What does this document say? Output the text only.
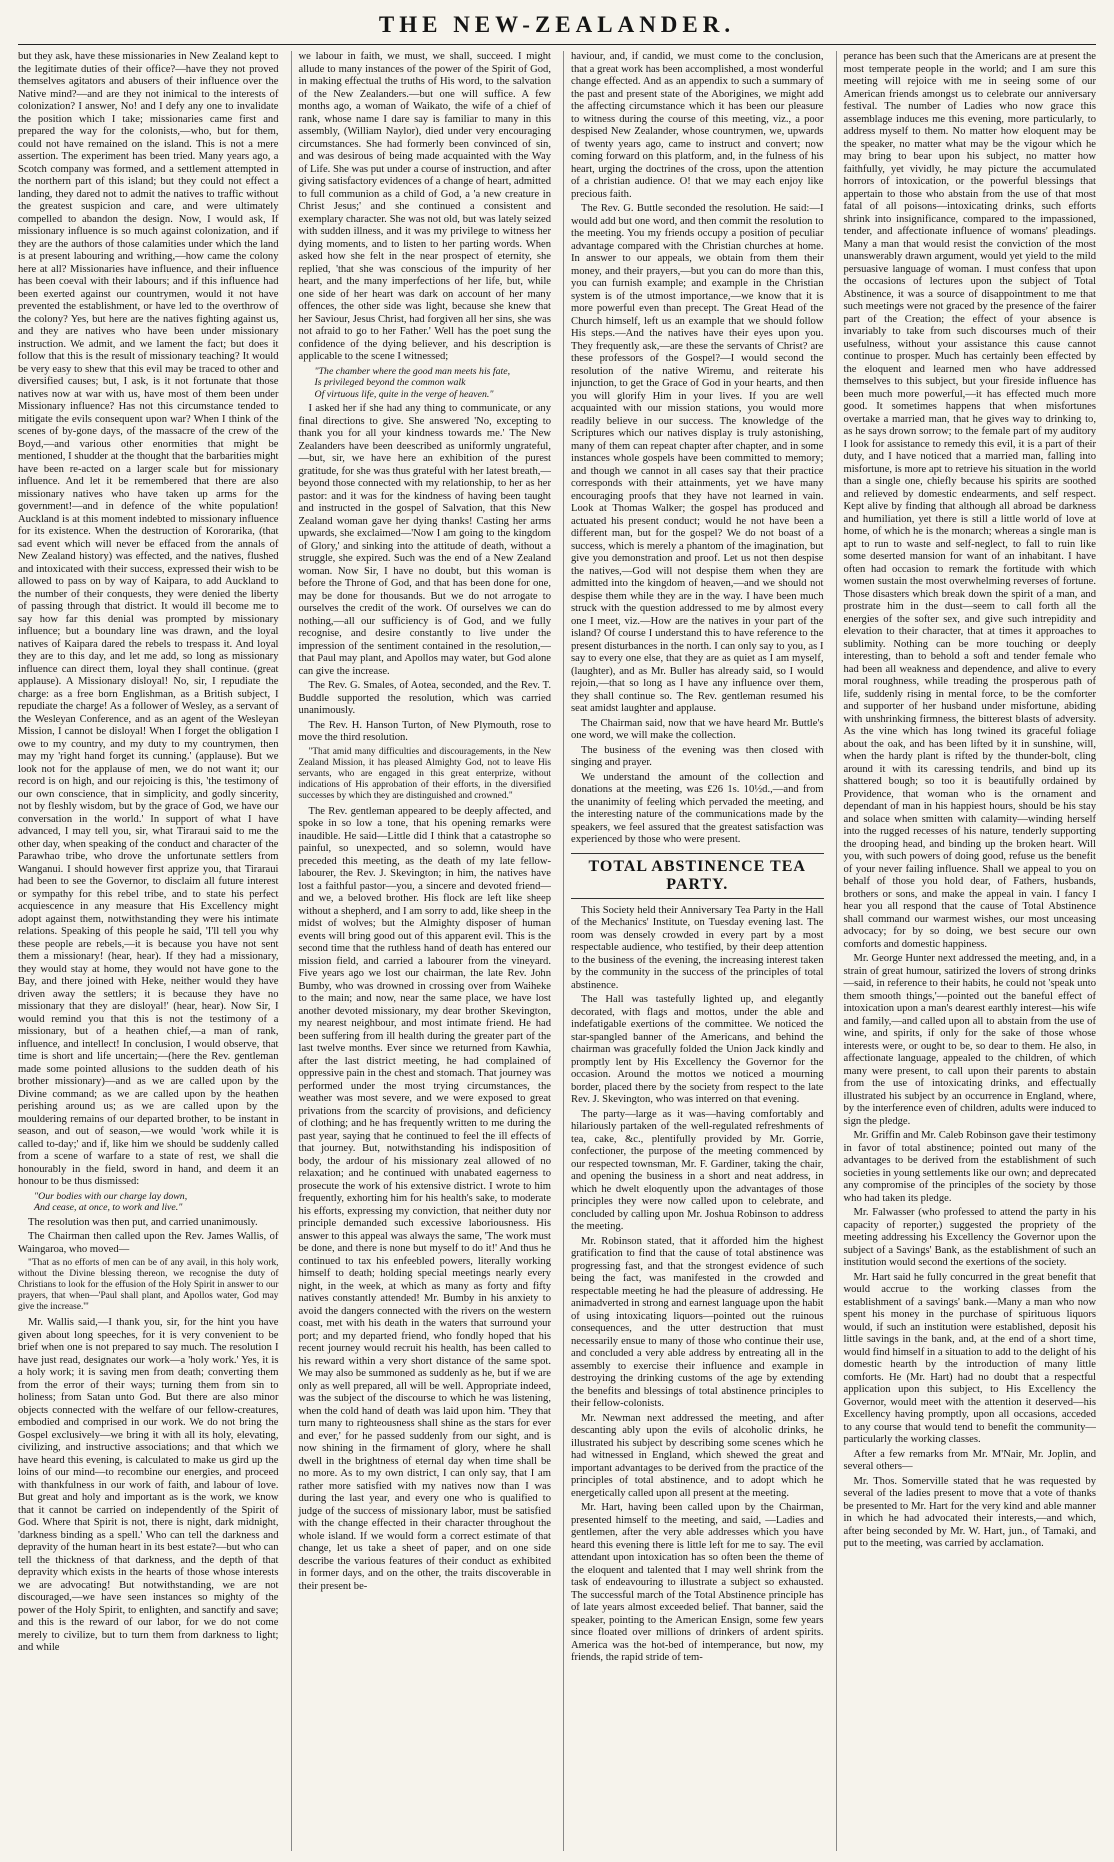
THE NEW-ZEALANDER.

but they ask, have these missionaries in New Zealand kept to the legitimate duties of their office?—have they not proved themselves agitators and abusers of their influence over the Native mind?—and are they not inimical to the interests of colonization? I answer, No! and I defy any one to invalidate the position which I take; missionaries came first and prepared the way for the colonists,—who, but for them, could not have remained on the island. This is not a mere assertion. The experiment has been tried. Many years ago, a Scotch company was formed, and a settlement attempted in the northern part of this island; but they could not effect a landing, they dared not to admit the natives to traffic without the greatest suspicion and care, and were ultimately compelled to abandon the design. Now, I would ask, If missionary influence is so much against colonization, and if they are the authors of those calamities under which the land is at present labouring and writhing,—how came the colony here at all? Missionaries have influence, and their influence has been coeval with their labours; and if this influence had been exerted against our countrymen, would it not have prevented the establishment, or have led to the overthrow of the colony? Yes, but here are the natives fighting against us, and they are natives who have been under missionary instruction. We admit, and we lament the fact; but does it follow that this is the result of missionary teaching? It would be very easy to shew that this evil may be traced to other and diversified causes; but, I ask, is it not fortunate that those natives now at war with us, have most of them been under Missionary influence? Has not this circumstance tended to mitigate the evils consequent upon war? When I think of the scenes of by-gone days, of the massacre of the crew of the Boyd,—and various other enormities that might be mentioned, I shudder at the thought that the barbarities might have been re-acted on a larger scale but for missionary influence. And let it be remembered that there are also missionary natives who have taken up arms for the government!—and in defence of the white population! Auckland is at this moment indebted to missionary influence for its existence. When the destruction of Kororarika, (that sad event which will never be effaced from the annals of New Zealand history) was effected, and the natives, flushed and intoxicated with their success, expressed their wish to be allowed to pass on by way of Kaipara, to add Auckland to the number of their conquests, they were denied the liberty of passing through that district. It would ill become me to say how far this denial was prompted by missionary influence; but a boundary line was drawn, and the loyal natives of Kaipara dared the rebels to trespass it. And loyal they are to this day, and let me add, so long as missionary influence can direct them, loyal they shall continue. (great applause). A Missionary disloyal! No, sir, I repudiate the charge: as a free born Englishman, as a British subject, I repudiate the charge! As a follower of Wesley, as a servant of the Wesleyan Conference, and as an agent of the Wesleyan Mission, I cannot be disloyal! When I forget the obligation I owe to my country, and my duty to my countrymen, then may my 'right hand forget its cunning.' (applause). But we look not for the applause of men, we do not want it; our record is on high, and our rejoicing is this, 'the testimony of our own conscience, that in simplicity, and godly sincerity, not by fleshly wisdom, but by the grace of God, we have our conversation in the world.' In support of what I have advanced, I may tell you, sir, what Tiraraui said to me the other day, when speaking of the conduct and character of the Parawhao tribe, who drove the unfortunate settlers from Wanganui. I should however first apprize you, that Tiraraui had been to see the Governor, to disclaim all future interest or sympathy for this rebel tribe, and to state his perfect acquiescence in any measure that His Excellency might adopt against them, notwithstanding they were his intimate relations. Speaking of this people he said, 'I'll tell you why these people are rebels,—it is because you have not sent them a missionary! (hear, hear). If they had a missionary, they would stay at home, they would not have gone to the Bay, and there joined with Heke, neither would they have driven away the settlers; it is because they have no missionary that they are disloyal!' (hear, hear). Now Sir, I would remind you that this is not the testimony of a missionary, but of a heathen chief,—a man of rank, influence, and intellect! In conclusion, I would observe, that time is short and life uncertain;—(here the Rev. gentleman made some pointed allusions to the sudden death of his brother missionary)—and as we are called upon by the Divine command; as we are called upon by the heathen perishing around us; as we are called upon by the mouldering remains of our departed brother, to be instant in season, and out of season,—we would 'work while it is called to-day;' and if, like him we should be suddenly called from a scene of warfare to a state of rest, we shall die honourably in the field, sword in hand, and deem it an honour to be thus dismissed:

"Our bodies with our charge lay down,
And cease, at once, to work and live."

The resolution was then put, and carried unanimously.

The Chairman then called upon the Rev. James Wallis, of Waingaroa, who moved—

"That as no efforts of men can be of any avail, in this holy work, without the Divine blessing thereon, we recognise the duty of Christians to look for the effusion of the Holy Spirit in answer to our prayers, that when—'Paul shall plant, and Apollos water, God may give the increase.'"

Mr. Wallis said,—I thank you, sir, for the hint you have given about long speeches, for it is very convenient to be brief when one is not prepared to say much. The resolution I have just read, designates our work—a 'holy work.' Yes, it is a holy work; it is saving men from death; converting them from the error of their ways; turning them from sin to holiness; from Satan unto God. But there are also minor objects connected with the welfare of our fellow-creatures, embodied and comprised in our work. We do not bring the Gospel exclusively—we bring it with all its holy, elevating, civilizing, and instructive associations; and that which we have heard this evening, is calculated to make us gird up the loins of our mind—to recombine our energies, and proceed with thankfulness in our work of faith, and labour of love. But great and holy and important as is the work, we know that it cannot be carried on independently of the Spirit of God. Where that Spirit is not, there is night, dark midnight, 'darkness binding as a spell.' Who can tell the darkness and depravity of the human heart in its best estate?—but who can tell the thickness of that darkness, and the depth of that depravity which exists in the hearts of those whose interests we are advocating! But notwithstanding, we are not discouraged,—we have seen instances so mighty of the power of the Holy Spirit, to enlighten, and sanctify and save; and this is the reward of our labor, for we do not come merely to civilize, but to turn them from darkness to light; and while

we labour in faith, we must, we shall, succeed. I might allude to many instances of the power of the Spirit of God, in making effectual the truths of His word, to the salvation of the New Zealanders.—but one will suffice. A few months ago, a woman of Waikato, the wife of a chief of rank, whose name I dare say is familiar to many in this assembly, (William Naylor), died under very encouraging circumstances. She had formerly been convinced of sin, and was desirous of being made acquainted with the Way of Life. She was put under a course of instruction, and after giving satisfactory evidences of a change of heart, admitted to full communion as a child of God, a 'a new creature in Christ Jesus;' and she continued a consistent and exemplary character. She was not old, but was lately seized with sudden illness, and it was my privilege to witness her dying moments, and to listen to her parting words. When asked how she felt in the near prospect of eternity, she replied, 'that she was conscious of the impurity of her heart, and the many imperfections of her life, but, while one side of her heart was dark on account of her many offences, the other side was light, because she knew that her Saviour, Jesus Christ, had forgiven all her sins, she was not afraid to go to her Father.' Well has the poet sung the confidence of the dying believer, and his description is applicable to the scene I witnessed;

"The chamber where the good man meets his fate,
Is privileged beyond the common walk
Of virtuous life, quite in the verge of heaven."

I asked her if she had any thing to communicate, or any final directions to give. She answered 'No, excepting to thank you for all your kindness towards me.' The New Zealanders have been deescribed as uniformly ungrateful,—but, sir, we have here an exhibition of the purest gratitude, for she was thus grateful with her latest breath,—beyond those connected with my relationship, to her as her pastor: and it was for the kindness of having been taught and instructed in the gospel of Salvation, that this New Zealand woman gave her dying thanks! Casting her arms upwards, she exclaimed—'Now I am going to the kingdom of Glory,' and sinking into the attitude of death, without a struggle, she expired. Such was the end of a New Zealand woman. Now Sir, I have no doubt, but this woman is before the Throne of God, and that has been done for one, may be done for thousands. But we do not arrogate to ourselves the credit of the work. Of ourselves we can do nothing,—all our sufficiency is of God, and we fully recognise, and desire constantly to live under the impression of the sentiment contained in the resolution,—that Paul may plant, and Apollos may water, but God alone can give the increase.

The Rev. G. Smales, of Aotea, seconded, and the Rev. T. Buddle supported the resolution, which was carried unanimously.

The Rev. H. Hanson Turton, of New Plymouth, rose to move the third resolution.

"That amid many difficulties and discouragements, in the New Zealand Mission, it has pleased Almighty God, not to leave His servants, who are engaged in this great enterprize, without indications of His approbation of their efforts, in the diversified successes by which they are distinguished and crowned."

The Rev. gentleman appeared to be deeply affected, and spoke in so low a tone, that his opening remarks were inaudible. He said—Little did I think that a catastrophe so painful, so unexpected, and so solemn, would have preceded this meeting, as the death of my late fellow-labourer, the Rev. J. Skevington; in him, the natives have lost a faithful pastor—you, a sincere and devoted friend—and we, a beloved brother. His flock are left like sheep without a shepherd, and I am sorry to add, like sheep in the midst of wolves; but the Almighty disposer of human events will bring good out of this apparent evil. This is the second time that the ruthless hand of death has entered our mission field, and carried a labourer from the vineyard. Five years ago we lost our chairman, the late Rev. John Bumby, who was drowned in crossing over from Waiheke to the main; and now, near the same place, we have lost another devoted missionary, my dear brother Skevington, my nearest neighbour, and most intimate friend. He had been suffering from ill health during the greater part of the last twelve months. Ever since we returned from Kawhia, after the last district meeting, he had complained of oppressive pain in the chest and stomach. That journey was performed under the most trying circumstances, the weather was most severe, and we were exposed to great privations from the scarcity of provisions, and deficiency of clothing; and he has frequently written to me during the past year, saying that he continued to feel the ill effects of that journey. But, notwithstanding his indisposition of body, the ardour of his missionary zeal allowed of no relaxation; and he continued with unabated eagerness to prosecute the work of his extensive district. I wrote to him frequently, exhorting him for his health's sake, to moderate his efforts, expressing my conviction, that neither duty nor principle demanded such excessive laboriousness. His answer to this appeal was always the same, 'The work must be done, and there is none but myself to do it!' And thus he continued to tax his enfeebled powers, literally working himself to death; holding special meetings nearly every night, in the week, at which as many as forty and fifty natives constantly attended! Mr. Bumby in his anxiety to avoid the dangers connected with the rivers on the western coast, met with his death in the waters that surround your port; and my departed friend, who fondly hoped that his recent journey would recruit his health, has been called to his reward within a very short distance of the same spot. We may also be summoned as suddenly as he, but if we are only as well prepared, all will be well. Appropriate indeed, was the subject of the discourse to which he was listening, when the cold hand of death was laid upon him. 'They that turn many to righteousness shall shine as the stars for ever and ever,' for he passed suddenly from our sight, and is now shining in the firmament of glory, where he shall dwell in the brightness of eternal day when time shall be no more. As to my own district, I can only say, that I am rather more satisfied with my natives now than I was during the last year, and every one who is qualified to judge of the success of missionary labor, must be satisfied with the change effected in their character throughout the whole island. If we would form a correct estimate of that change, let us take a sheet of paper, and on one side describe the various features of their conduct as exhibited in former days, and on the other, the traits discoverable in their present be-

haviour, and, if candid, we must come to the conclusion, that a great work has been accomplished, a most wonderful change effected. And as an appendix to such a summary of the past and present state of the Aborigines, we might add the affecting circumstance which it has been our pleasure to witness during the course of this meeting, viz., a poor despised New Zealander, whose countrymen, we, upwards of twenty years ago, came to instruct and convert; now coming forward on this platform, and, in the fulness of his heart, urging the doctrines of the cross, upon the attention of a christian audience. O! that we may each enjoy like precious faith.

The Rev. G. Buttle seconded the resolution. He said:—I would add but one word, and then commit the resolution to the meeting. You my friends occupy a position of peculiar advantage compared with the Christian churches at home. In answer to our appeals, we obtain from them their money, and their prayers,—but you can do more than this, you can furnish example; and example in the Christian system is of the utmost importance,—we know that it is more powerful even than precept. The Great Head of the Church himself, left us an example that we should follow His steps.—And the natives have their eyes upon you. They frequently ask,—are these the servants of Christ? are these professors of the Gospel?—I would second the resolution of the native Wiremu, and reiterate his injunction, to get the Grace of God in your hearts, and then you will glorify Him in your lives. If you are well acquainted with our mission stations, you would more readily believe in our success. The knowledge of the Scriptures which our natives display is truly astonishing, many of them can repeat chapter after chapter, and in some instances whole gospels have been committed to memory; and though we cannot in all cases say that their practice corresponds with their attainments, yet we have many encouraging proofs that they have not learned in vain. Look at Thomas Walker; the gospel has produced and actuated his present conduct; would he not have been a different man, but for the gospel? We do not boast of a success, which is merely a phantom of the imagination, but give you demonstration and proof. Let us not then despise the natives,—God will not despise them when they are admitted into the kingdom of heaven,—and we should not despise them while they are in the way. I have been much struck with the question addressed to me by almost every one I meet, viz.—How are the natives in your part of the island? Of course I understand this to have reference to the present disturbances in the north. I can only say to you, as I say to every one else, that they are as quiet as I am myself, (laughter), and as Mr. Buller has already said, so I would rejoin,—that so long as I have any influence over them, they shall continue so. The Rev. gentleman resumed his seat amidst laughter and applause.

The Chairman said, now that we have heard Mr. Buttle's one word, we will make the collection.

The business of the evening was then closed with singing and prayer.

We understand the amount of the collection and donations at the meeting, was £26 1s. 10½d.,—and from the unanimity of feeling which pervaded the meeting, and the interesting nature of the communications made by the speakers, we feel assured that the greatest satisfaction was experienced by those who were present.

TOTAL ABSTINENCE TEA PARTY.

This Society held their Anniversary Tea Party in the Hall of the Mechanics' Institute, on Tuesday evening last. The room was densely crowded in every part by a most respectable audience, who testified, by their deep attention to the business of the evening, the increasing interest taken by the community in the success of the principles of total abstinence.

The Hall was tastefully lighted up, and elegantly decorated, with flags and mottos, under the able and indefatigable exertions of the committee. We noticed the star-spangled banner of the Americans, and behind the chairman was gracefully folded the Union Jack kindly and promptly lent by His Excellency the Governor for the occasion. Around the mottos we noticed a mourning border, placed there by the society from respect to the late Rev. J. Skevington, who was interred on that evening.

The party—large as it was—having comfortably and hilariously partaken of the well-regulated refreshments of tea, cake, &c., plentifully provided by Mr. Gorrie, confectioner, the purpose of the meeting commenced by our respected townsman, Mr. F. Gardiner, taking the chair, and opening the business in a short and neat address, in which he dwelt eloquently upon the advantages of those principles they were now called upon to celebrate, and concluded by calling upon Mr. Joshua Robinson to address the meeting.

Mr. Robinson stated, that it afforded him the highest gratification to find that the cause of total abstinence was progressing fast, and that the strongest evidence of such being the fact, was manifested in the crowded and respectable meeting he had the pleasure of addressing. He animadverted in strong and earnest language upon the habit of using intoxicating liquors—pointed out the ruinous consequences, and the utter destruction that must necessarily ensue to many of those who continue their use, and concluded a very able address by entreating all in the assembly to exercise their influence and example in destroying the drinking customs of the age by extending the benefits and blessings of total abstinence principles to their fellow-colonists.

Mr. Newman next addressed the meeting, and after descanting ably upon the evils of alcoholic drinks, he illustrated his subject by describing some scenes which he had witnessed in England, which shewed the great and important advantages to be derived from the practice of the principles of total abstinence, and to adopt which he energetically called upon all present at the meeting.

Mr. Hart, having been called upon by the Chairman, presented himself to the meeting, and said, —Ladies and gentlemen, after the very able addresses which you have heard this evening there is little left for me to say. The evil attendant upon intoxication has so often been the theme of the eloquent and talented that I may well shrink from the task of endeavouring to illustrate a subject so exhausted. The successful march of the Total Abstinence principle has of late years almost exceeded belief. That banner, said the speaker, pointing to the American Ensign, some few years since floated over millions of drinkers of ardent spirits. America was the hot-bed of intemperance, but now, my friends, the rapid stride of tem-

perance has been such that the Americans are at present the most temperate people in the world; and I am sure this meeting will rejoice with me in seeing some of our American friends amongst us to celebrate our anniversary festival. The number of Ladies who now grace this assemblage induces me this evening, more particularly, to address myself to them. No matter how eloquent may be the speaker, no matter what may be the vigour which he may bring to bear upon his subject, no matter how faithfully, yet vividly, he may picture the accumulated horrors of intoxication, or the powerful blessings that appertain to those who abstain from the use of that most fatal of all poisons—intoxicating drinks, such efforts shrink into insignificance, compared to the impassioned, tender, and affectionate influence of womans' pleadings. Many a man that would resist the conviction of the most unanswerably drawn argument, would yet yield to the mild persuasive language of woman. I must confess that upon the occasions of lectures upon the subject of Total Abstinence, it was a source of disappointment to me that such meetings were not graced by the presence of the fairer part of the Creation; the effect of your absence is invariably to take from such discourses much of their usefulness, without your assistance this cause cannot continue to prosper. Much has certainly been effected by the eloquent and learned men who have addressed themselves to this subject, but your fireside influence has been much more powerful,—it has effected much more good. It sometimes happens that when misfortunes overtake a married man, that he gives way to drinking to, as he says drown sorrow; to the female part of my auditory I look for assistance to remedy this evil, it is a part of their duty, and I have noticed that a married man, falling into misfortune, is more apt to retrieve his situation in the world than a single one, chiefly because his spirits are soothed and relieved by domestic endearments, and self respect. Kept alive by finding that although all abroad be darkness and humiliation, yet there is still a little world of love at home, of which he is the monarch; whereas a single man is apt to run to waste and self-neglect, to fall to ruin like some deserted mansion for want of an inhabitant. I have often had occasion to remark the fortitude with which women sustain the most overwhelming reverses of fortune. Those disasters which break down the spirit of a man, and prostrate him in the dust—seem to call forth all the energies of the softer sex, and give such intrepidity and elevation to their character, that at times it approaches to sublimity. Nothing can be more touching or deeply interesting, than to behold a soft and tender female who had been all weakness and dependence, and alive to every moral roughness, while treading the prosperous path of life, suddenly rising in mental force, to be the comforter and supporter of her husband under misfortune, abiding with unshrinking firmness, the bitterest blasts of adversity. As the vine which has long twined its graceful foliage about the oak, and has been lifted by it in sunshine, will, when the hardy plant is rifted by the thunder-bolt, cling around it with its caressing tendrils, and bind up its shattered bough; so too it is beautifully ordained by Providence, that woman who is the ornament and dependant of man in his happiest hours, should be his stay and solace when smitten with calamity—winding herself into the rugged recesses of his nature, tenderly supporting the drooping head, and binding up the broken heart. Will you, with such powers of doing good, refuse us the benefit of your never failing influence. Shall we appeal to you on behalf of those you hold dear, of Fathers, husbands, brothers or sons, and make the appeal in vain. I fancy I hear you all respond that the cause of Total Abstinence shall command our warmest wishes, our most unceasing advocacy; for by so doing, we best secure our own comforts and domestic happiness.

Mr. George Hunter next addressed the meeting, and, in a strain of great humour, satirized the lovers of strong drinks—said, in reference to their habits, he could not 'speak unto them smooth things,'—pointed out the baneful effect of intoxication upon a man's dearest earthly interest—his wife and family,—and called upon all to abstain from the use of wine, and spirits, if only for the sake of those whose interests were, or ought to be, so dear to them. He also, in affectionate language, appealed to the children, of which many were present, to call upon their parents to abstain from the use of intoxicating drinks, and effectually illustrated his subject by an occurrence in England, where, by the interference even of children, adults were induced to sign the pledge.

Mr. Griffin and Mr. Caleb Robinson gave their testimony in favor of total abstinence; pointed out many of the advantages to be derived from the establishment of such societies in young settlements like our own; and deprecated any compromise of the principles of the society by those who had taken its pledge.

Mr. Falwasser (who professed to attend the party in his capacity of reporter,) suggested the propriety of the meeting addressing his Excellency the Governor upon the subject of a Savings' Bank, as the establishment of such an institution would second the exertions of the society.

Mr. Hart said he fully concurred in the great benefit that would accrue to the working classes from the establishment of a savings' bank.—Many a man who now spent his money in the purchase of spirituous liquors would, if such an institution were established, deposit his little savings in the bank, and, at the end of a short time, would find himself in a situation to add to the delight of his domestic hearth by the introduction of many little comforts. He (Mr. Hart) had no doubt that a respectful application upon this subject, to His Excellency the Governor, would meet with the attention it deserved—his Excellency having promptly, upon all occasions, acceded to any course that would tend to benefit the community—particularly the working classes.

After a few remarks from Mr. M'Nair, Mr. Joplin, and several others—

Mr. Thos. Somerville stated that he was requested by several of the ladies present to move that a vote of thanks be presented to Mr. Hart for the very kind and able manner in which he had advocated their interests,—and which, after being seconded by Mr. W. Hart, jun., of Tamaki, and put to the meeting, was carried by acclamation.
